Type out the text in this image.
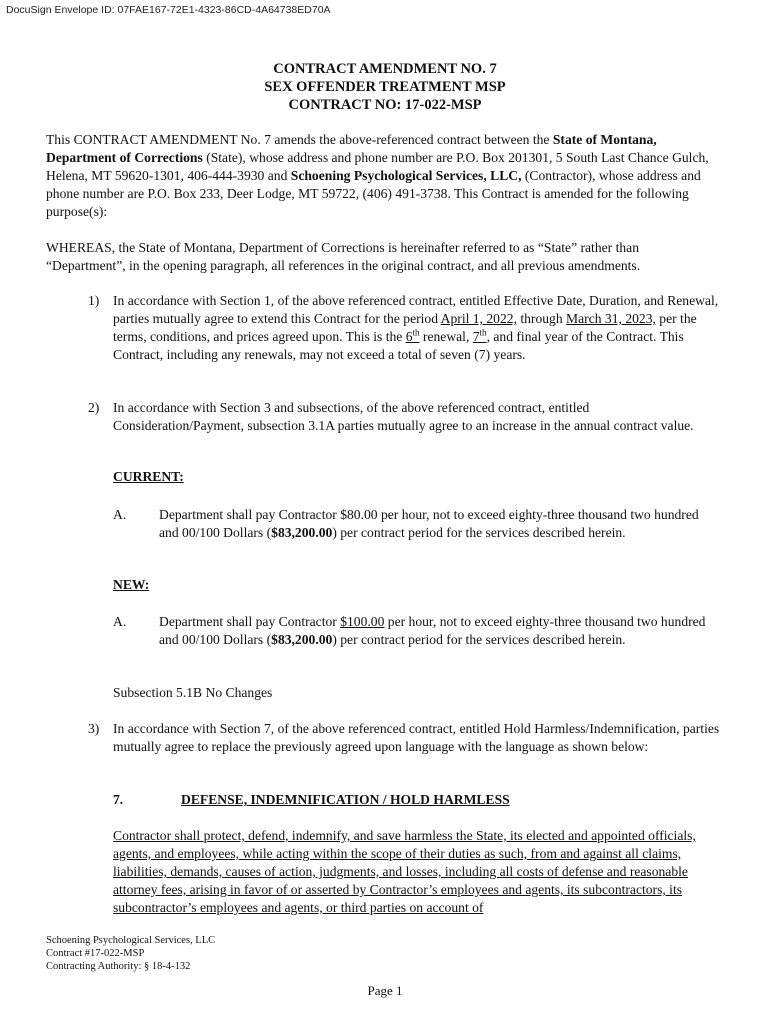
DocuSign Envelope ID: 07FAE167-72E1-4323-86CD-4A64738ED70A
CONTRACT AMENDMENT NO. 7
SEX OFFENDER TREATMENT MSP
CONTRACT NO: 17-022-MSP
This CONTRACT AMENDMENT No. 7 amends the above-referenced contract between the State of Montana, Department of Corrections (State), whose address and phone number are P.O. Box 201301, 5 South Last Chance Gulch, Helena, MT 59620-1301, 406-444-3930 and Schoening Psychological Services, LLC, (Contractor), whose address and phone number are P.O. Box 233, Deer Lodge, MT 59722, (406) 491-3738. This Contract is amended for the following purpose(s):
WHEREAS, the State of Montana, Department of Corrections is hereinafter referred to as “State” rather than “Department”, in the opening paragraph, all references in the original contract, and all previous amendments.
1) In accordance with Section 1, of the above referenced contract, entitled Effective Date, Duration, and Renewal, parties mutually agree to extend this Contract for the period April 1, 2022, through March 31, 2023, per the terms, conditions, and prices agreed upon. This is the 6th renewal, 7th, and final year of the Contract. This Contract, including any renewals, may not exceed a total of seven (7) years.
2) In accordance with Section 3 and subsections, of the above referenced contract, entitled Consideration/Payment, subsection 3.1A parties mutually agree to an increase in the annual contract value.
CURRENT:
A. Department shall pay Contractor $80.00 per hour, not to exceed eighty-three thousand two hundred and 00/100 Dollars ($83,200.00) per contract period for the services described herein.
NEW:
A. Department shall pay Contractor $100.00 per hour, not to exceed eighty-three thousand two hundred and 00/100 Dollars ($83,200.00) per contract period for the services described herein.
Subsection 5.1B No Changes
3) In accordance with Section 7, of the above referenced contract, entitled Hold Harmless/Indemnification, parties mutually agree to replace the previously agreed upon language with the language as shown below:
7.	DEFENSE, INDEMNIFICATION / HOLD HARMLESS
Contractor shall protect, defend, indemnify, and save harmless the State, its elected and appointed officials, agents, and employees, while acting within the scope of their duties as such, from and against all claims, liabilities, demands, causes of action, judgments, and losses, including all costs of defense and reasonable attorney fees, arising in favor of or asserted by Contractor’s employees and agents, its subcontractors, its subcontractor’s employees and agents, or third parties on account of
Schoening Psychological Services, LLC
Contract #17-022-MSP
Contracting Authority: § 18-4-132
Page 1
